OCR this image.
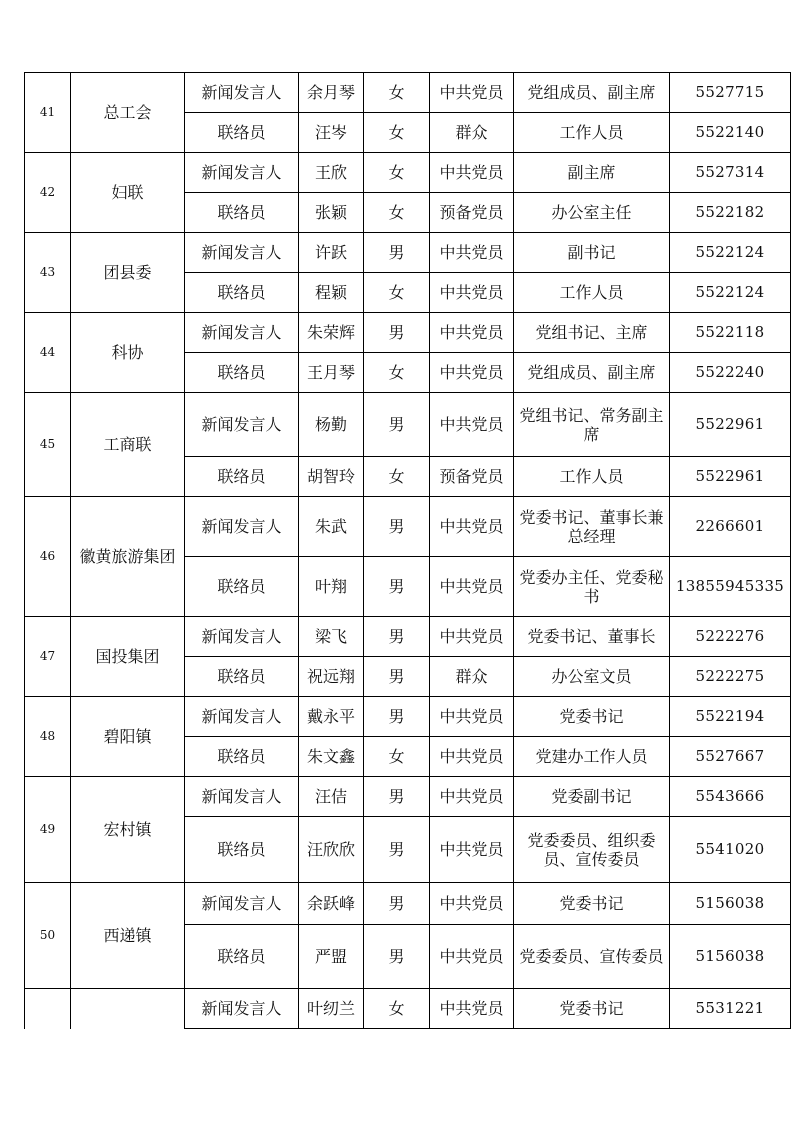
41	总工会	新闻发言人	余月琴	女	中共党员	党组成员、副主席	5527715
		联络员	汪岑	女	群众	工作人员	5522140
42	妇联	新闻发言人	王欣	女	中共党员	副主席	5527314
		联络员	张颖	女	预备党员	办公室主任	5522182
43	团县委	新闻发言人	许跃	男	中共党员	副书记	5522124
		联络员	程颖	女	中共党员	工作人员	5522124
44	科协	新闻发言人	朱荣辉	男	中共党员	党组书记、主席	5522118
		联络员	王月琴	女	中共党员	党组成员、副主席	5522240
45	工商联	新闻发言人	杨勤	男	中共党员	党组书记、常务副主席	5522961
		联络员	胡智玲	女	预备党员	工作人员	5522961
46	徽黄旅游集团	新闻发言人	朱武	男	中共党员	党委书记、董事长兼总经理	2266601
		联络员	叶翔	男	中共党员	党委办主任、党委秘书	13855945335
47	国投集团	新闻发言人	梁飞	男	中共党员	党委书记、董事长	5222276
		联络员	祝远翔	男	群众	办公室文员	5222275
48	碧阳镇	新闻发言人	戴永平	男	中共党员	党委书记	5522194
		联络员	朱文鑫	女	中共党员	党建办工作人员	5527667
49	宏村镇	新闻发言人	汪佶	男	中共党员	党委副书记	5543666
		联络员	汪欣欣	男	中共党员	党委委员、组织委员、宣传委员	5541020
50	西递镇	新闻发言人	余跃峰	男	中共党员	党委书记	5156038
		联络员	严盟	男	中共党员	党委委员、宣传委员	5156038
		新闻发言人	叶纫兰	女	中共党员	党委书记	5531221
